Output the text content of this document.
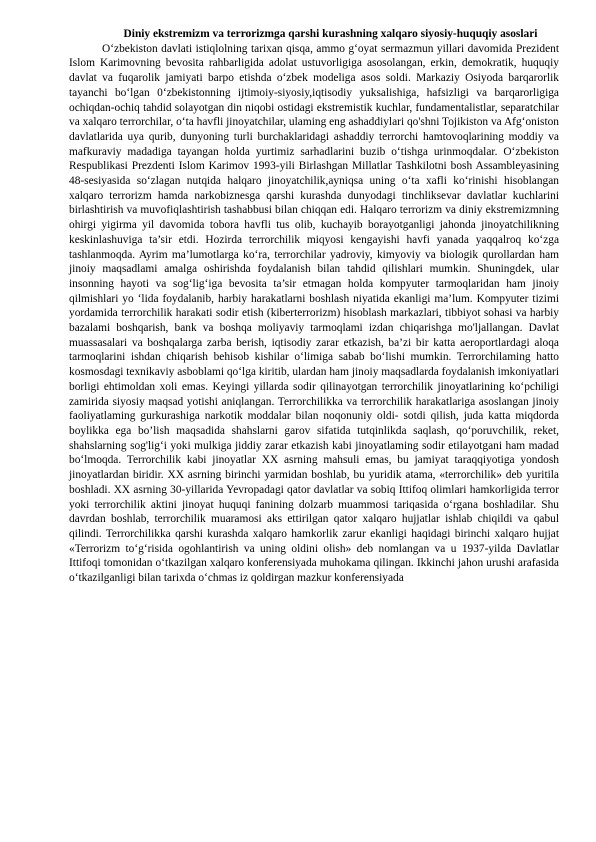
Diniy ekstremizm va terrorizmga qarshi kurashning xalqaro siyosiy-huquqiy asoslari

O‘zbekiston davlati istiqlolning tarixan qisqa, ammo g‘oyat sermazmun yillari davomida Prezident Islom Karimovning bevosita rahbarligida adolat ustuvorligiga asosolangan, erkin, demokratik, huquqiy davlat va fuqarolik jamiyati barpo etishda o‘zbek modeliga asos soldi. Markaziy Osiyoda barqarorlik tayanchi bo‘lgan 0‘zbekistonning ijtimoiy-siyosiy,iqtisodiy yuksalishiga, hafsizligi va barqarorligiga ochiqdan-ochiq tahdid solayotgan din niqobi ostidagi ekstremistik kuchlar, fundamentalistlar, separatchilar va xalqaro terrorchilar, o‘ta havfli jinoyatchilar, ulaming eng ashaddiylari qo'shni Tojikiston va Afg‘oniston davlatlarida uya qurib, dunyoning turli burchaklaridagi ashaddiy terrorchi hamtovoqlarining moddiy va mafkuraviy madadiga tayangan holda yurtimiz sarhadlarini buzib o‘tishga urinmoqdalar. O‘zbekiston Respublikasi Prezdenti Islom Karimov 1993-yili Birlashgan Millatlar Tashkilotni bosh Assambleyasining 48-sesiyasida so‘zlagan nutqida halqaro jinoyatchilik,ayniqsa uning o‘ta xafli ko‘rinishi hisoblangan xalqaro terrorizm hamda narkobiznesga qarshi kurashda dunyodagi tinchliksevar davlatlar kuchlarini birlashtirish va muvofiqlashtirish tashabbusi bilan chiqqan edi. Halqaro terrorizm va diniy ekstremizmning ohirgi yigirma yil davomida tobora havfli tus olib, kuchayib borayotganligi jahonda jinoyatchilikning keskinlashuviga ta’sir etdi. Hozirda terrorchilik miqyosi kengayishi havfi yanada yaqqalroq ko‘zga tashlanmoqda. Ayrim ma’lumotlarga ko‘ra, terrorchilar yadroviy, kimyoviy va biologik qurollardan ham jinoiy maqsadlami amalga oshirishda foydalanish bilan tahdid qilishlari mumkin. Shuningdek, ular insonning hayoti va sog‘lig‘iga bevosita ta’sir etmagan holda kompyuter tarmoqlaridan ham jinoiy qilmishlari yo ‘lida foydalanib, harbiy harakatlarni boshlash niyatida ekanligi ma’lum. Kompyuter tizimi yordamida terrorchilik harakati sodir etish (kiberterrorizm) hisoblash markazlari, tibbiyot sohasi va harbiy bazalami boshqarish, bank va boshqa moliyaviy tarmoqlami izdan chiqarishga mo'ljallangan. Davlat muassasalari va boshqalarga zarba berish, iqtisodiy zarar etkazish, ba’zi bir katta aeroportlardagi aloqa tarmoqlarini ishdan chiqarish behisob kishilar o‘limiga sabab bo‘lishi mumkin. Terrorchilaming hatto kosmosdagi texnikaviy asboblami qo‘lga kiritib, ulardan ham jinoiy maqsadlarda foydalanish imkoniyatlari borligi ehtimoldan xoli emas. Keyingi yillarda sodir qilinayotgan terrorchilik jinoyatlarining ko‘pchiligi zamirida siyosiy maqsad yotishi aniqlangan. Terrorchilikka va terrorchilik harakatlariga asoslangan jinoiy faoliyatlaming gurkurashiga narkotik moddalar bilan noqonuniy oldi- sotdi qilish, juda katta miqdorda boylikka ega bo’lish maqsadida shahslarni garov sifatida tutqinlikda saqlash, qo‘poruvchilik, reket, shahslarning sog'lig‘i yoki mulkiga jiddiy zarar etkazish kabi jinoyatlaming sodir etilayotgani ham madad bo‘lmoqda. Terrorchilik kabi jinoyatlar XX asrning mahsuli emas, bu jamiyat taraqqiyotiga yondosh jinoyatlardan biridir. XX asrning birinchi yarmidan boshlab, bu yuridik atama, «terrorchilik» deb yuritila boshladi. XX asrning 30-yillarida Yevropadagi qator davlatlar va sobiq Ittifoq olimlari hamkorligida terror yoki terrorchilik aktini jinoyat huquqi fanining dolzarb muammosi tariqasida o‘rgana boshladilar. Shu davrdan boshlab, terrorchilik muaramosi aks ettirilgan qator xalqaro hujjatlar ishlab chiqildi va qabul qilindi. Terrorchilikka qarshi kurashda xalqaro hamkorlik zarur ekanligi haqidagi birinchi xalqaro hujjat «Terrorizm to‘g‘risida ogohlantirish va uning oldini olish» deb nomlangan va u 1937-yilda Davlatlar Ittifoqi tomonidan o‘tkazilgan xalqaro konferensiyada muhokama qilingan. Ikkinchi jahon urushi arafasida o‘tkazilganligi bilan tarixda o‘chmas iz qoldirgan mazkur konferensiyada
